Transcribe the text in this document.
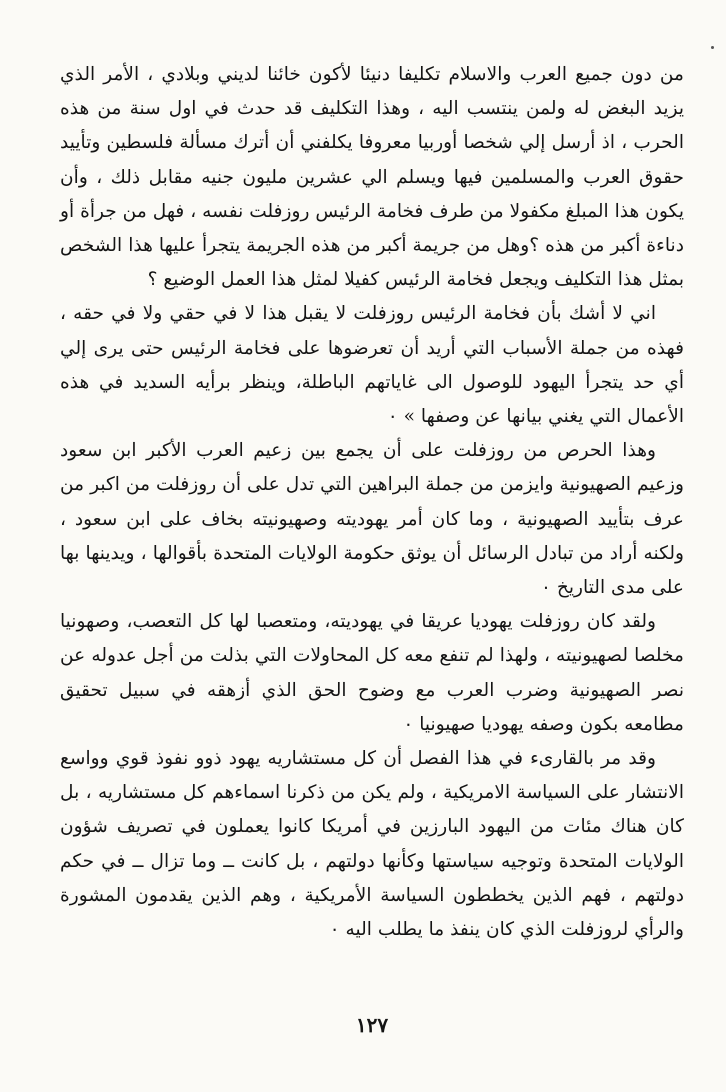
من دون جميع العرب والاسلام تكليفا دنيئا لأكون خائنا لديني وبلادي ، الأمر الذي يزيد البغض له ولمن ينتسب اليه ، وهذا التكليف قد حدث في اول سنة من هذه الحرب ، اذ أرسل إلي شخصا أوربيا معروفا يكلفني أن أترك مسألة فلسطين وتأييد حقوق العرب والمسلمين فيها ويسلم الي عشرين مليون جنيه مقابل ذلك ، وأن يكون هذا المبلغ مكفولا من طرف فخامة الرئيس روزفلت نفسه ، فهل من جرأة أو دناءة أكبر من هذه ؟وهل من جريمة أكبر من هذه الجريمة يتجرأ عليها هذا الشخص بمثل هذا التكليف ويجعل فخامة الرئيس كفيلا لمثل هذا العمل الوضيع ؟

اني لا أشك بأن فخامة الرئيس روزفلت لا يقبل هذا لا في حقي ولا في حقه ، فهذه من جملة الأسباب التي أريد أن تعرضوها على فخامة الرئيس حتى يرى إلي أي حد يتجرأ اليهود للوصول الى غاياتهم الباطلة، وينظر برأيه السديد في هذه الأعمال التي يغني بيانها عن وصفها » ٠

وهذا الحرص من روزفلت على أن يجمع بين زعيم العرب الأكبر ابن سعود وزعيم الصهيونية وايزمن من جملة البراهين التي تدل على أن روزفلت من اكبر من عرف بتأييد الصهيونية ، وما كان أمر يهوديته وصهيونيته بخاف على ابن سعود ، ولكنه أراد من تبادل الرسائل أن يوثق حكومة الولايات المتحدة بأقوالها ، ويدينها بها على مدى التاريخ ٠

ولقد كان روزفلت يهوديا عريقا في يهوديته، ومتعصبا لها كل التعصب، وصهونيا مخلصا لصهيونيته ، ولهذا لم تنفع معه كل المحاولات التي بذلت من أجل عدوله عن نصر الصهيونية وضرب العرب مع وضوح الحق الذي أزهقه في سبيل تحقيق مطامعه بكون وصفه يهوديا صهيونيا ٠

وقد مر بالقارىء في هذا الفصل أن كل مستشاريه يهود ذوو نفوذ قوي وواسع الانتشار على السياسة الامريكية ، ولم يكن من ذكرنا اسماءهم كل مستشاريه ، بل كان هناك مئات من اليهود البارزين في أمريكا كانوا يعملون في تصريف شؤون الولايات المتحدة وتوجيه سياستها وكأنها دولتهم ، بل كانت ــ وما تزال ــ في حكم دولتهم ، فهم الذين يخططون السياسة الأمريكية ، وهم الذين يقدمون المشورة والرأي لروزفلت الذي كان ينفذ ما يطلب اليه ٠

١٢٧
